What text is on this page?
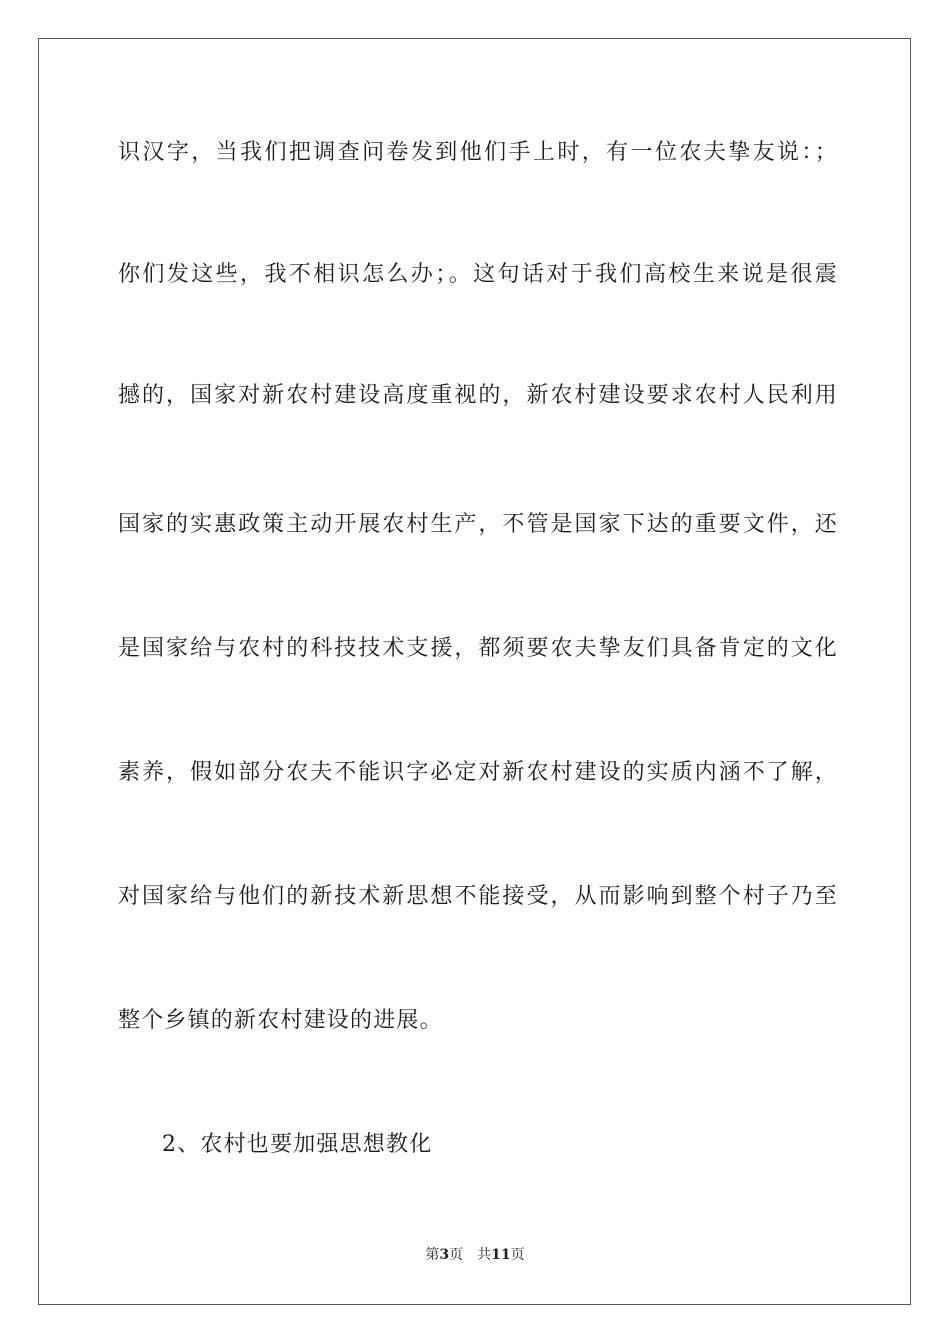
识汉字，当我们把调查问卷发到他们手上时，有一位农夫挚友说：；
你们发这些，我不相识怎么办；。这句话对于我们高校生来说是很震
撼的，国家对新农村建设高度重视的，新农村建设要求农村人民利用
国家的实惠政策主动开展农村生产，不管是国家下达的重要文件，还
是国家给与农村的科技技术支援，都须要农夫挚友们具备肯定的文化
素养，假如部分农夫不能识字必定对新农村建设的实质内涵不了解，
对国家给与他们的新技术新思想不能接受，从而影响到整个村子乃至
整个乡镇的新农村建设的进展。
2、农村也要加强思想教化
第3页 共11页
